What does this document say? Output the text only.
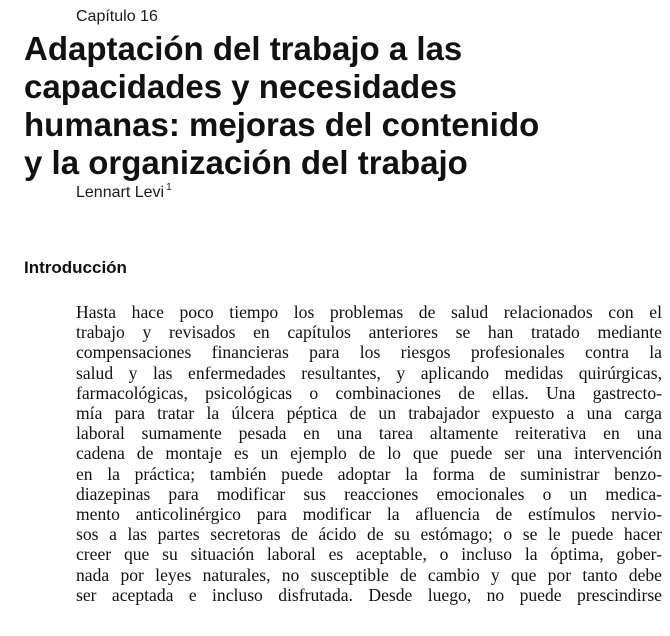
Capítulo 16

Adaptación del trabajo a las
capacidades y necesidades
humanas: mejoras del contenido
y la organización del trabajo

Lennart Levi $^1$

Introducción
Hasta hace poco tiempo los problemas de salud relacionados con el
trabajo y revisados en capítulos anteriores se han tratado mediante
compensaciones financieras para los riesgos profesionales contra la
salud y las enfermedades resultantes, y aplicando medidas quirúrgicas,
farmacológicas, psicológicas o combinaciones de ellas. Una gastrecto-
mía para tratar la úlcera péptica de un trabajador expuesto a una carga
laboral sumamente pesada en una tarea altamente reiterativa en una
cadena de montaje es un ejemplo de lo que puede ser una intervención
en la práctica; también puede adoptar la forma de suministrar benzo-
diazepinas para modificar sus reacciones emocionales o un medica-
mento anticolinérgico para modificar la afluencia de estímulos nervio-
sos a las partes secretoras de ácido de su estómago; o se le puede hacer
creer que su situación laboral es aceptable, o incluso la óptima, gober-
nada por leyes naturales, no susceptible de cambio y que por tanto debe
ser aceptada e incluso disfrutada. Desde luego, no puede prescindirse
